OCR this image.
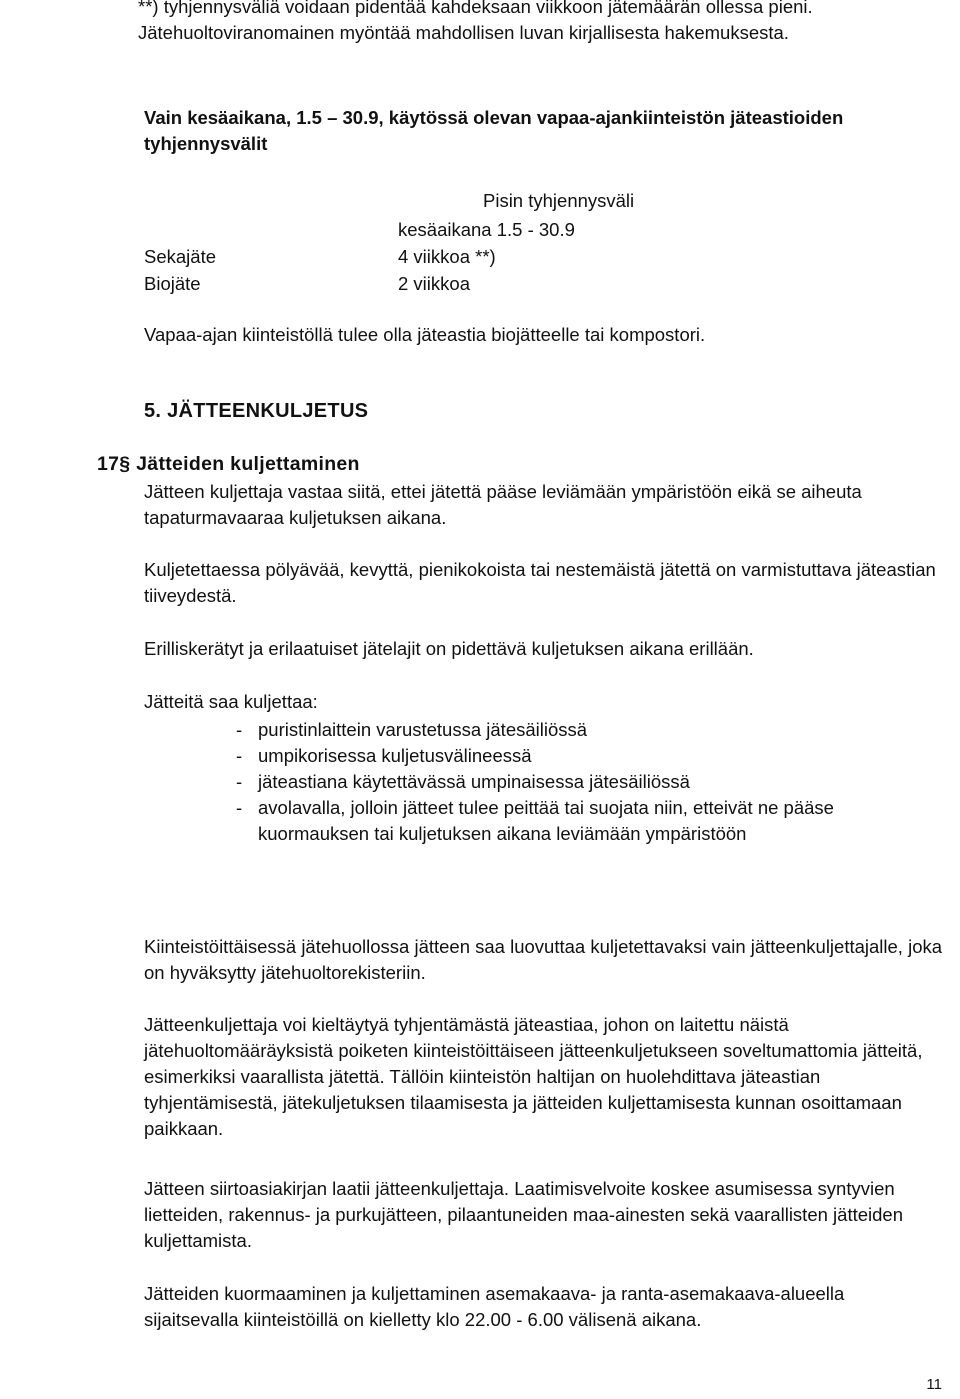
**) tyhjennysväliä voidaan pidentää kahdeksaan viikkoon jätemäärän ollessa pieni. Jätehuoltoviranomainen myöntää mahdollisen luvan kirjallisesta hakemuksesta.

Vain kesäaikana, 1.5 – 30.9, käytössä olevan vapaa-ajankiinteistön jäteastioiden tyhjennysvälit

Pisin tyhjennysväli
kesäaikana 1.5 - 30.9
Sekajäte	4 viikkoa **)
Biojäte	2 viikkoa

Vapaa-ajan kiinteistöllä tulee olla jäteastia biojätteelle tai kompostori.

5. JÄTTEENKULJETUS
17§ Jätteiden kuljettaminen

Jätteen kuljettaja vastaa siitä, ettei jätettä pääse leviämään ympäristöön eikä se aiheuta tapaturmavaaraa kuljetuksen aikana.

Kuljetettaessa pölyävää, kevyttä, pienikokoista tai nestemäistä jätettä on varmistuttava jäteastian tiiveydestä.

Erilliskerätyt ja erilaatuiset jätelajit on pidettävä kuljetuksen aikana erillään.

Jätteitä saa kuljettaa:

- puristinlaittein varustetussa jätesäiliössä
- umpikorisessa kuljetusvälineessä
- jäteastiana käytettävässä umpinaisessa jätesäiliössä
- avolavalla, jolloin jätteet tulee peittää tai suojata niin, etteivät ne pääse kuormauksen tai kuljetuksen aikana leviämään ympäristöön

Kiinteistöittäisessä jätehuollossa jätteen saa luovuttaa kuljetettavaksi vain jätteenkuljettajalle, joka on hyväksytty jätehuoltorekisteriin.

Jätteenkuljettaja voi kieltäytyä tyhjentämästä jäteastiaa, johon on laitettu näistä jätehuoltomääräyksistä poiketen kiinteistöittäiseen jätteenkuljetukseen soveltumattomia jätteitä, esimerkiksi vaarallista jätettä. Tällöin kiinteistön haltijan on huolehdittava jäteastian tyhjentämisestä, jätekuljetuksen tilaamisesta ja jätteiden kuljettamisesta kunnan osoittamaan paikkaan.

Jätteen siirtoasiakirjan laatii jätteenkuljettaja. Laatimisvelvoite koskee asumisessa syntyvien lietteiden, rakennus- ja purkujätteen, pilaantuneiden maa-ainesten sekä vaarallisten jätteiden kuljettamista.

Jätteiden kuormaaminen ja kuljettaminen asemakaava- ja ranta-asemakaava-alueella sijaitsevalla kiinteistöillä on kielletty klo 22.00 - 6.00 välisenä aikana.

11
